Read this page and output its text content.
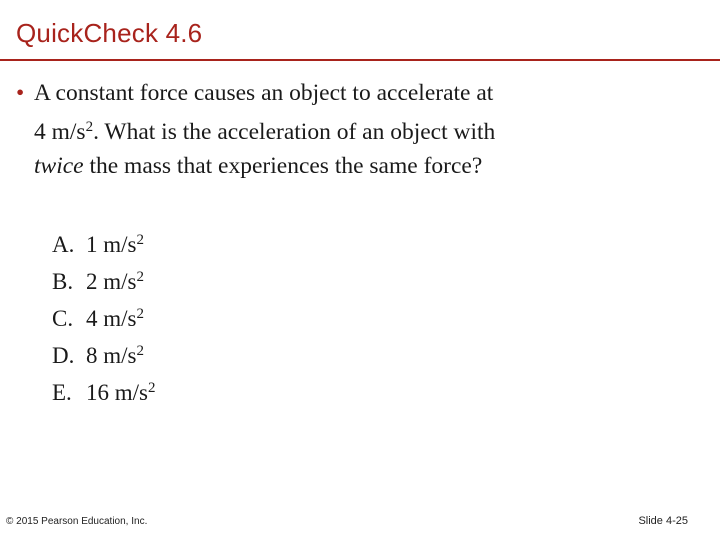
QuickCheck 4.6
• A constant force causes an object to accelerate at
4 $m/s^2$. What is the acceleration of an object with
twice the mass that experiences the same force?
A. 1 $m/s^2$
B. 2 $m/s^2$
C. 4 $m/s^2$
D. 8 $m/s^2$
E. 16 $m/s^2$
© 2015 Pearson Education, Inc.	Slide 4-25
